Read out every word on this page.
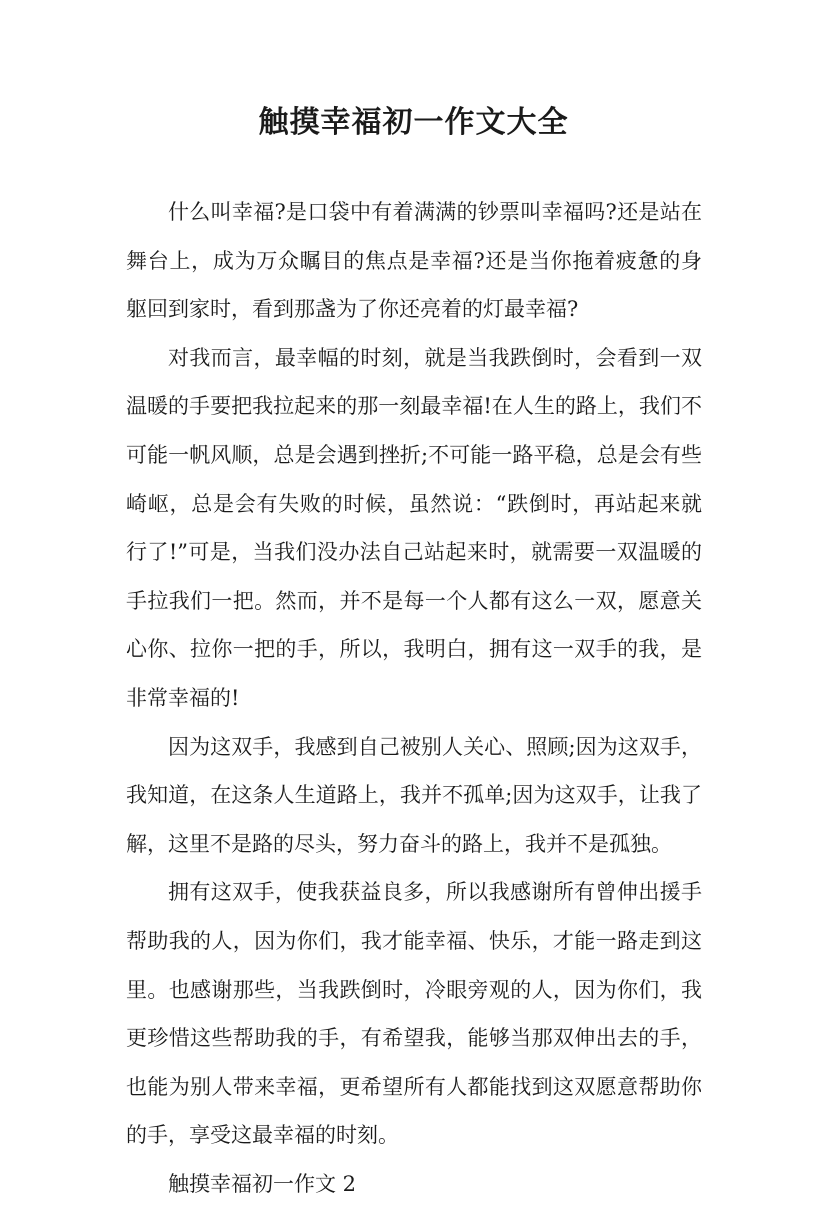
触摸幸福初一作文大全

什么叫幸福?是口袋中有着满满的钞票叫幸福吗?还是站在舞台上，成为万众瞩目的焦点是幸福?还是当你拖着疲惫的身躯回到家时，看到那盏为了你还亮着的灯最幸福?

对我而言，最幸幅的时刻，就是当我跌倒时，会看到一双温暖的手要把我拉起来的那一刻最幸福!在人生的路上，我们不可能一帆风顺，总是会遇到挫折;不可能一路平稳，总是会有些崎岖，总是会有失败的时候，虽然说：“跌倒时，再站起来就行了!”可是，当我们没办法自己站起来时，就需要一双温暖的手拉我们一把。然而，并不是每一个人都有这么一双，愿意关心你、拉你一把的手，所以，我明白，拥有这一双手的我，是非常幸福的!

因为这双手，我感到自己被别人关心、照顾;因为这双手，我知道，在这条人生道路上，我并不孤单;因为这双手，让我了解，这里不是路的尽头，努力奋斗的路上，我并不是孤独。

拥有这双手，使我获益良多，所以我感谢所有曾伸出援手帮助我的人，因为你们，我才能幸福、快乐，才能一路走到这里。也感谢那些，当我跌倒时，冷眼旁观的人，因为你们，我更珍惜这些帮助我的手，有希望我，能够当那双伸出去的手，也能为别人带来幸福，更希望所有人都能找到这双愿意帮助你的手，享受这最幸福的时刻。

触摸幸福初一作文 2
